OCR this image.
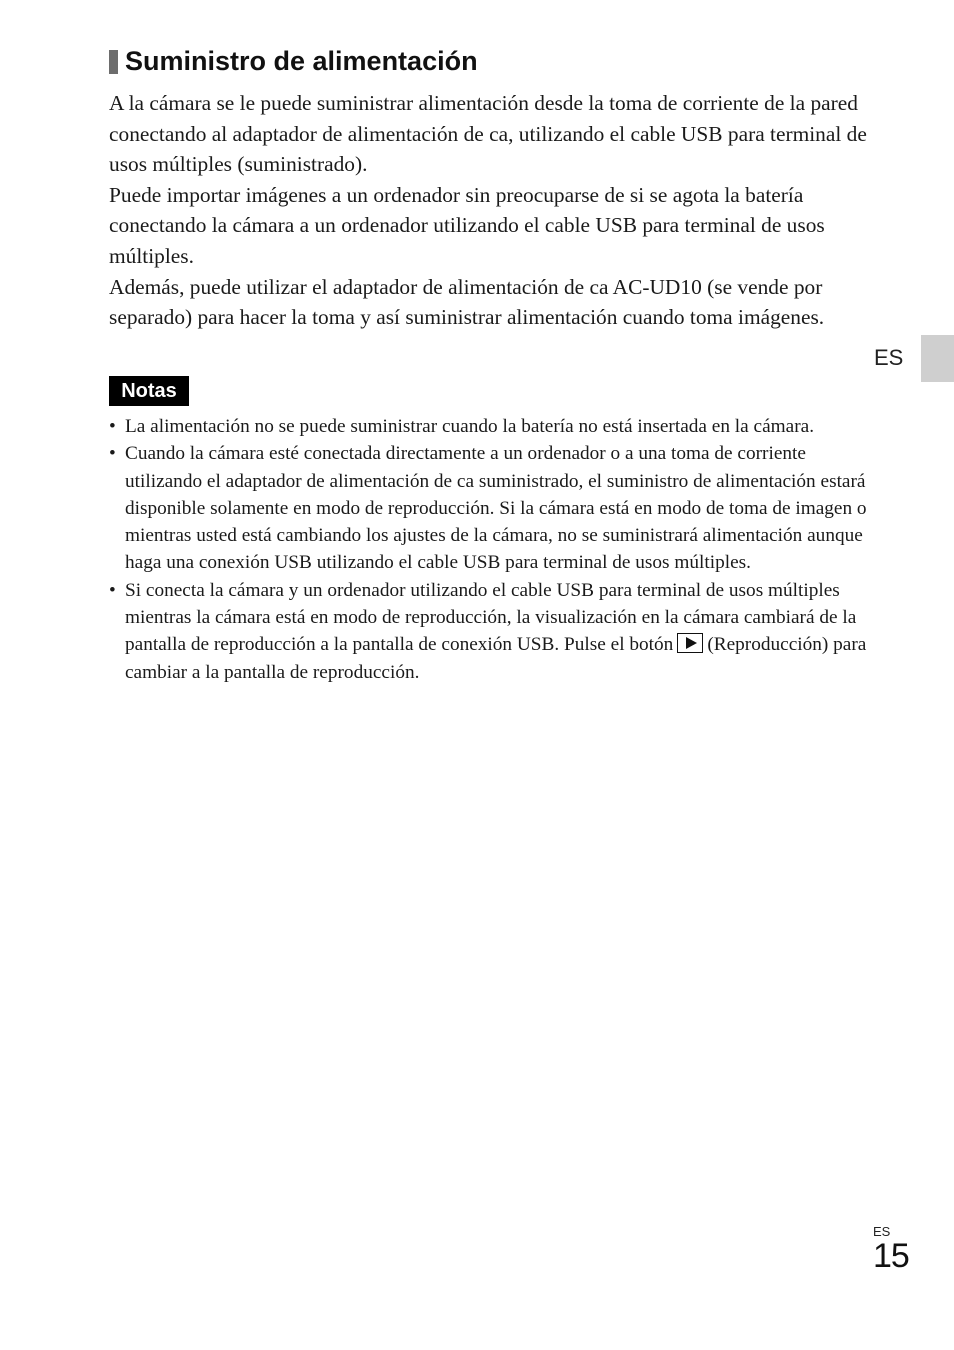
Suministro de alimentación

A la cámara se le puede suministrar alimentación desde la toma de corriente de la pared conectando al adaptador de alimentación de ca, utilizando el cable USB para terminal de usos múltiples (suministrado).

Puede importar imágenes a un ordenador sin preocuparse de si se agota la batería conectando la cámara a un ordenador utilizando el cable USB para terminal de usos múltiples.

Además, puede utilizar el adaptador de alimentación de ca AC-UD10 (se vende por separado) para hacer la toma y así suministrar alimentación cuando toma imágenes.

Notas
• La alimentación no se puede suministrar cuando la batería no está insertada en la cámara.
• Cuando la cámara esté conectada directamente a un ordenador o a una toma de corriente utilizando el adaptador de alimentación de ca suministrado, el suministro de alimentación estará disponible solamente en modo de reproducción. Si la cámara está en modo de toma de imagen o mientras usted está cambiando los ajustes de la cámara, no se suministrará alimentación aunque haga una conexión USB utilizando el cable USB para terminal de usos múltiples.
• Si conecta la cámara y un ordenador utilizando el cable USB para terminal de usos múltiples mientras la cámara está en modo de reproducción, la visualización en la cámara cambiará de la pantalla de reproducción a la pantalla de conexión USB. Pulse el botón (Reproducción) para cambiar a la pantalla de reproducción.
ES
ES
15
